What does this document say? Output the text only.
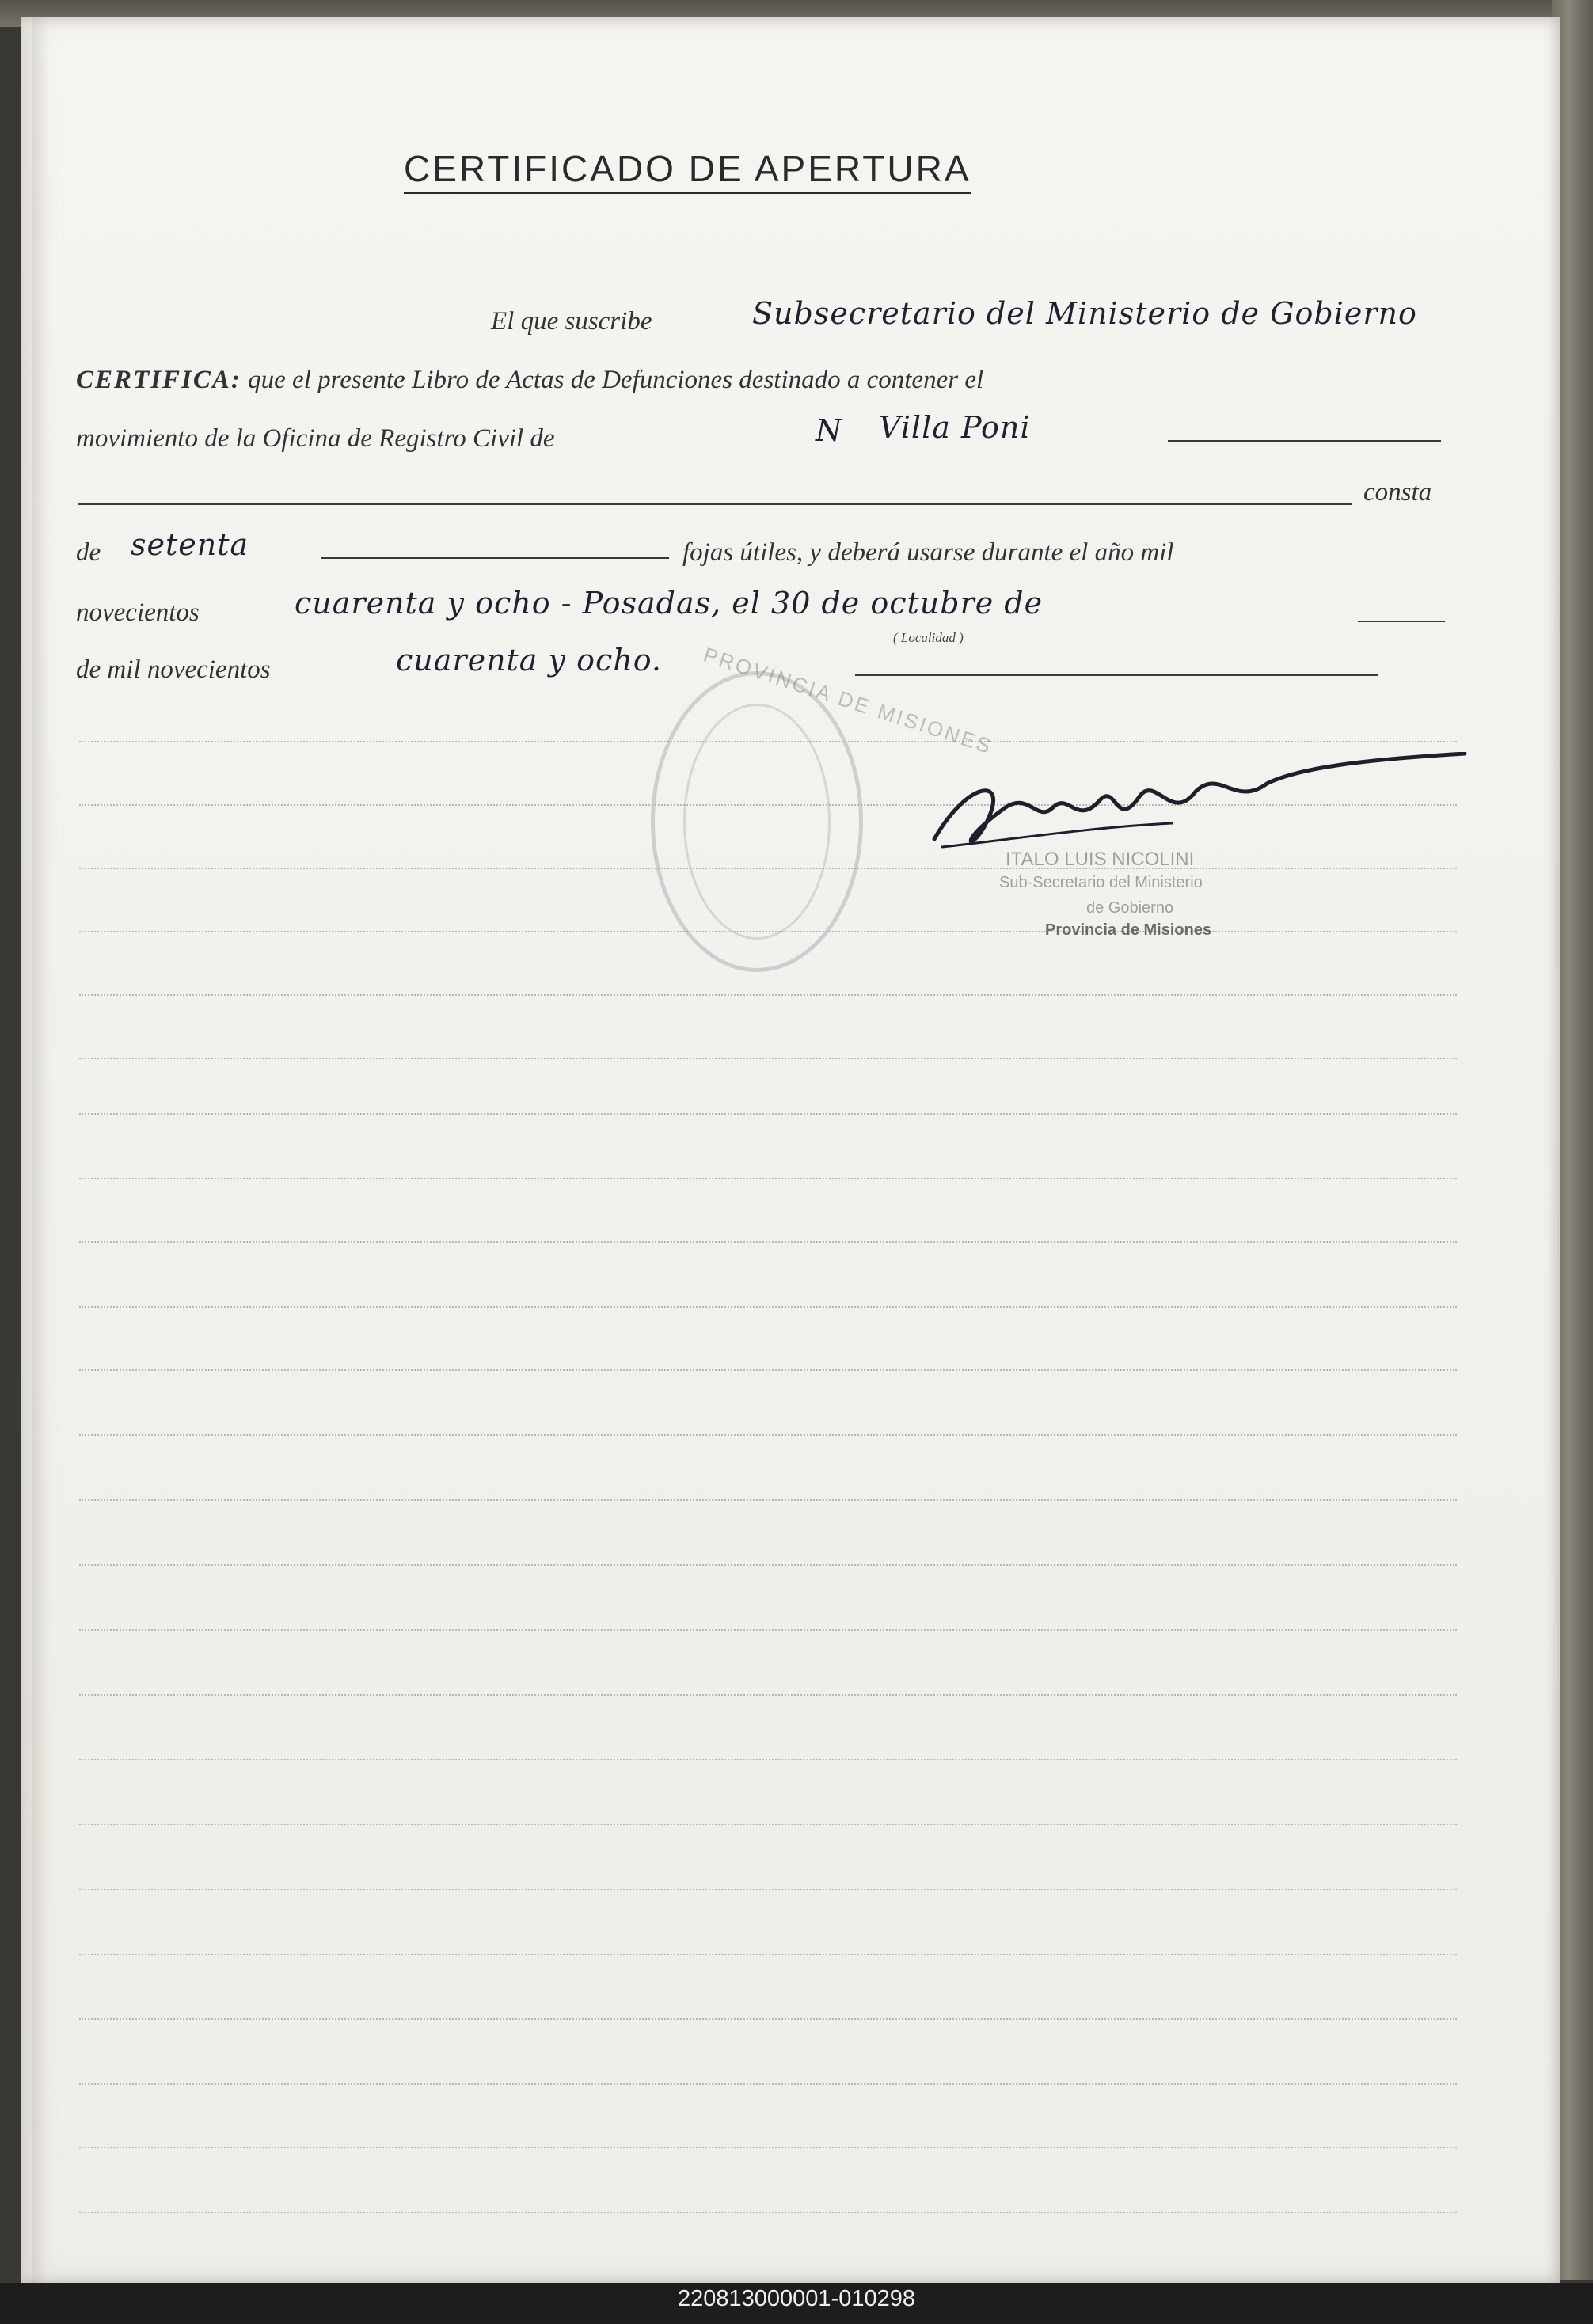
CERTIFICADO DE APERTURA
El que suscribe	Subsecretario del Ministerio de Gobierno
CERTIFICA: que el presente Libro de Actas de Defunciones destinado a contener el
movimiento de la Oficina de Registro Civil de	N Villa Poni
consta
de setenta	fojas útiles, y deberá usarse durante el año mil
novecientos	cuarenta y ocho - Posadas, el 30 de octubre de
( Localidad )
de mil novecientos	cuarenta y ocho. PROVINCIA DE MISIONES
ITALO LUIS NICOLINI
Sub-Secretario del Ministerio
de Gobierno
Provincia de Misiones
220813000001-010298
